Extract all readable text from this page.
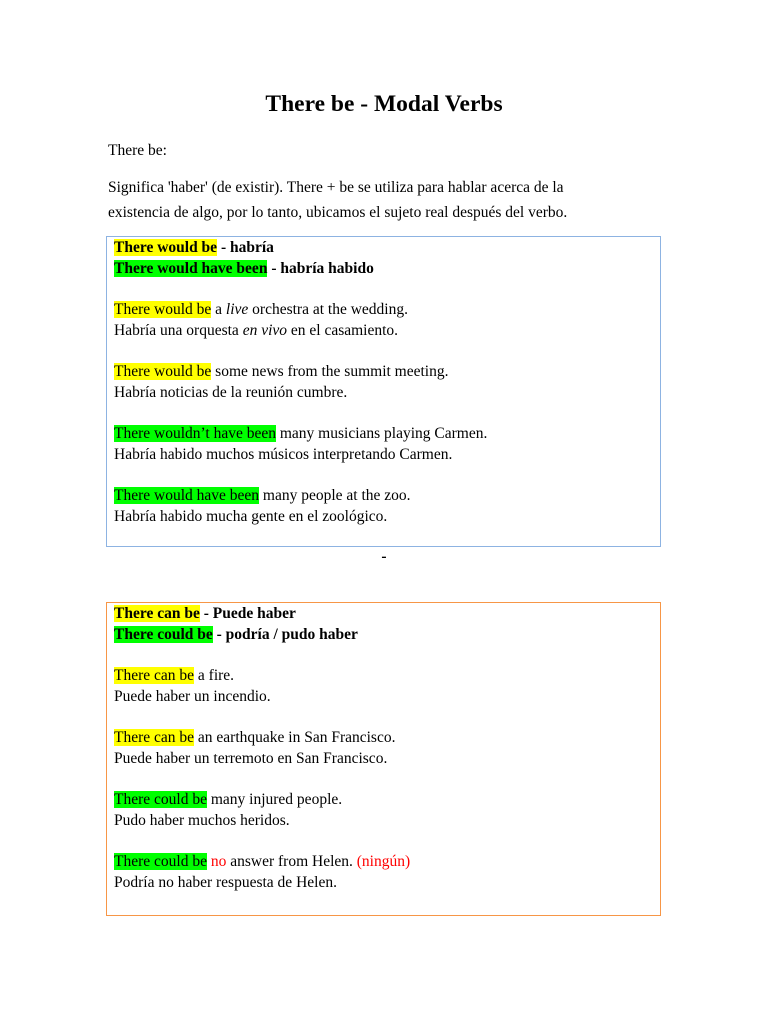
There be - Modal Verbs

There be:

Significa 'haber' (de existir). There + be se utiliza para hablar acerca de la
existencia de algo, por lo tanto, ubicamos el sujeto real después del verbo.

There would be - habría

There would have been - habría habido

There would be a live orchestra at the wedding.

Habría una orquesta en vivo en el casamiento.

There would be some news from the summit meeting.

Habría noticias de la reunión cumbre.

There wouldn’t have been many musicians playing Carmen.

Habría habido muchos músicos interpretando Carmen.

There would have been many people at the zoo.

Habría habido mucha gente en el zoológico.

-

There can be - Puede haber

There could be - podría / pudo haber

There can be a fire.

Puede haber un incendio.

There can be an earthquake in San Francisco.

Puede haber un terremoto en San Francisco.

There could be many injured people.

Pudo haber muchos heridos.

There could be no answer from Helen. (ningún)

Podría no haber respuesta de Helen.
